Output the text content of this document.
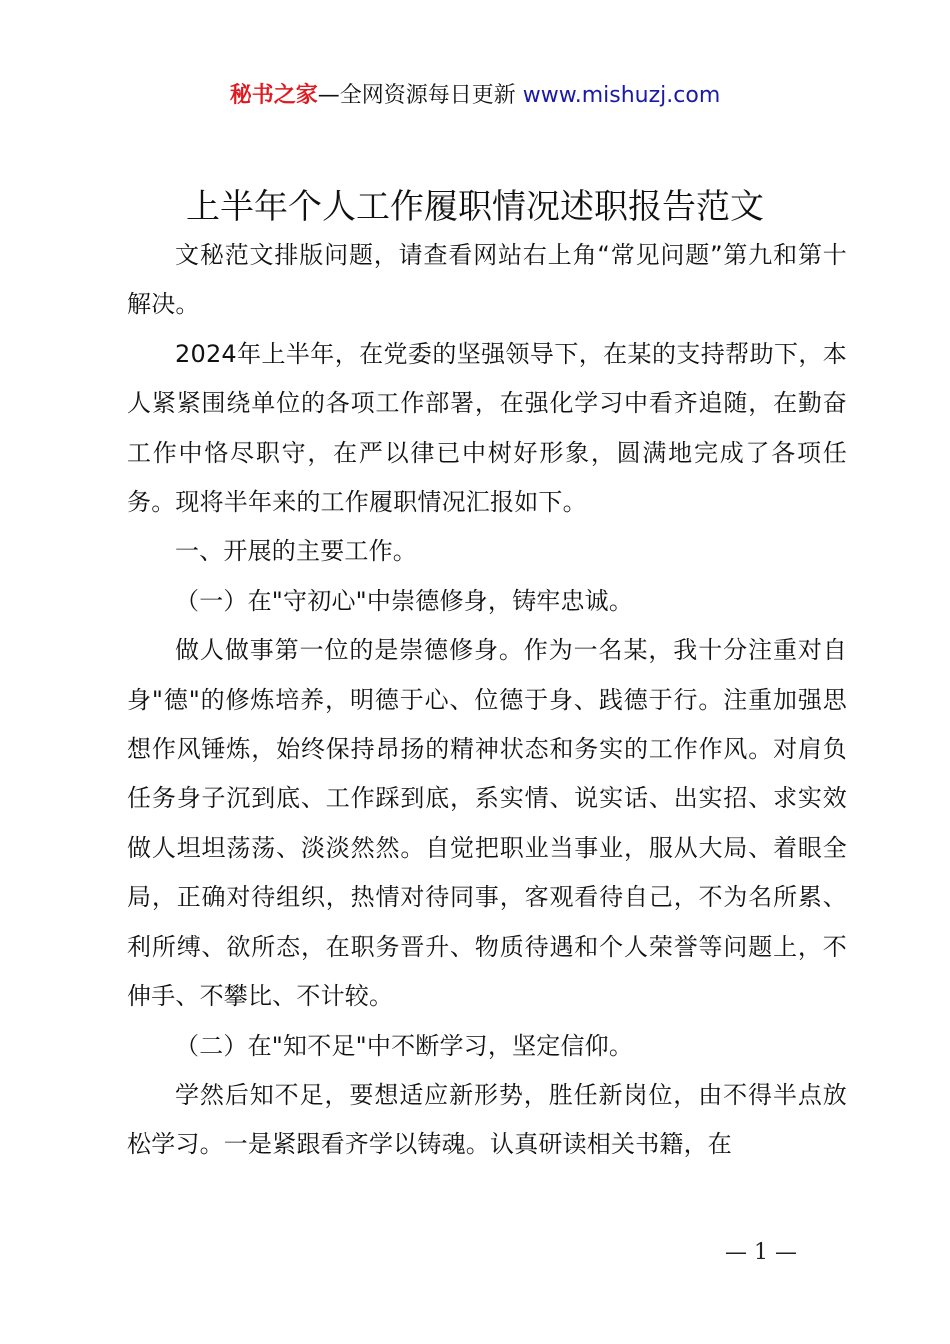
秘书之家—全网资源每日更新 www.mishuzj.com
上半年个人工作履职情况述职报告范文

文秘范文排版问题，请查看网站右上角“常见问题”第九和第十解决。

2024年上半年，在党委的坚强领导下，在某的支持帮助下，本人紧紧围绕单位的各项工作部署，在强化学习中看齐追随，在勤奋工作中恪尽职守，在严以律已中树好形象，圆满地完成了各项任务。现将半年来的工作履职情况汇报如下。

一、开展的主要工作。

（一）在"守初心"中崇德修身，铸牢忠诚。

做人做事第一位的是崇德修身。作为一名某，我十分注重对自身"德"的修炼培养，明德于心、位德于身、践德于行。注重加强思想作风锤炼，始终保持昂扬的精神状态和务实的工作作风。对肩负任务身子沉到底、工作踩到底，系实情、说实话、出实招、求实效做人坦坦荡荡、淡淡然然。自觉把职业当事业，服从大局、着眼全局，正确对待组织，热情对待同事，客观看待自己，不为名所累、利所缚、欲所态，在职务晋升、物质待遇和个人荣誉等问题上，不伸手、不攀比、不计较。

（二）在"知不足"中不断学习，坚定信仰。

学然后知不足，要想适应新形势，胜任新岗位，由不得半点放松学习。一是紧跟看齐学以铸魂。认真研读相关书籍，在

— 1 —
